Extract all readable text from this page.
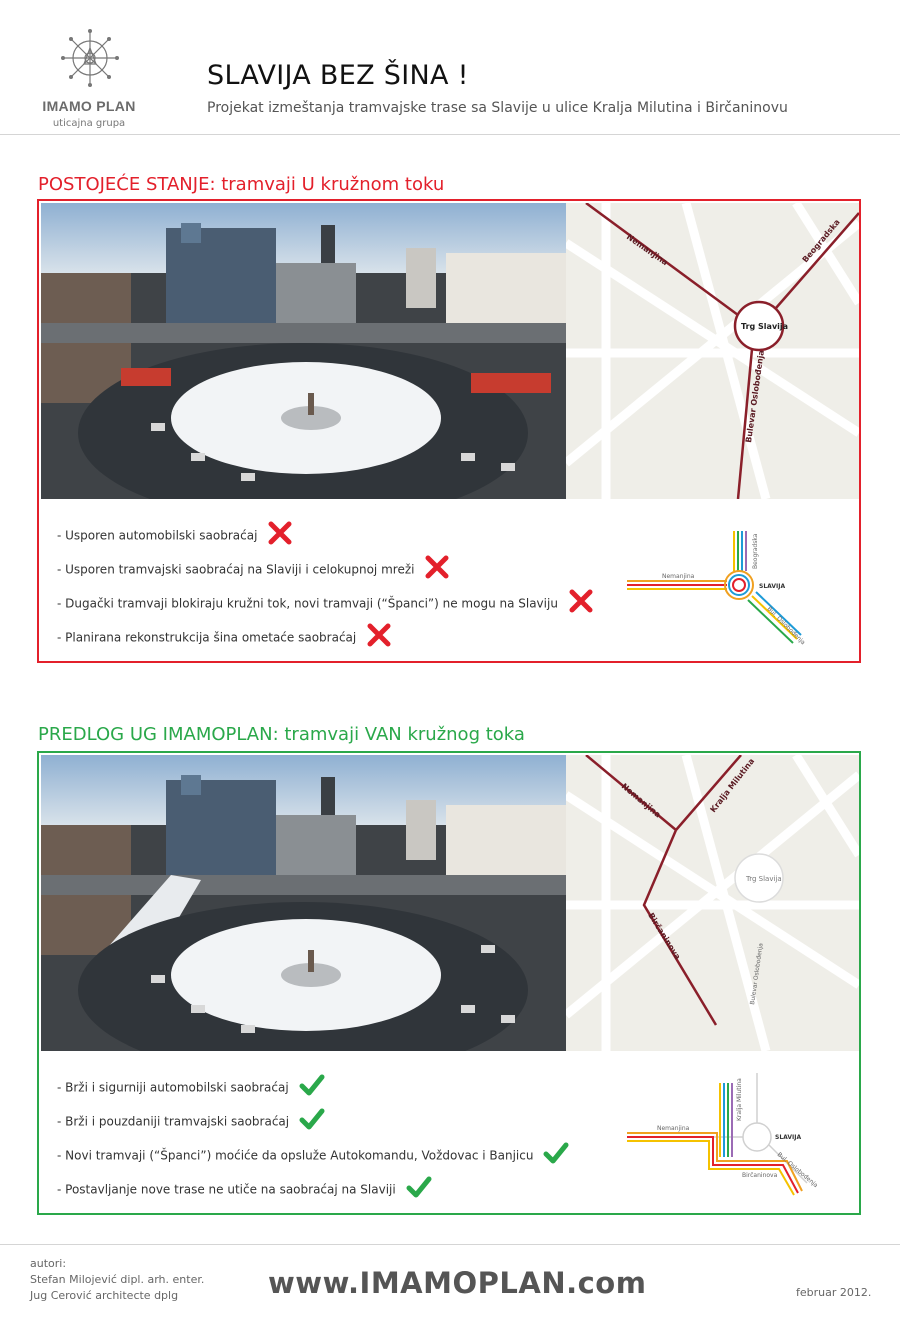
IMAMO PLAN
uticajna grupa
SLAVIJA BEZ ŠINA !
Projekat izmeštanja tramvajske trase sa Slavije u ulice Kralja Milutina i Birčaninovu
POSTOJEĆE STANJE: tramvaji U kružnom toku
Nemanjina	Beogradska
Trg Slavija
Bulevar Oslobođenja
- Usporen automobilski saobraćaj
- Usporen tramvajski saobraćaj na Slaviji i celokupnoj mreži
- Dugački tramvaji blokiraju kružni tok, novi tramvaji (“Španci”) ne mogu na Slaviju
- Planirana rekonstrukcija šina ometaće saobraćaj
Nemanjina
Beogradska
Bul. Oslobođenja
SLAVIJA
PREDLOG UG IMAMOPLAN: tramvaji VAN kružnog toka
Nemanjina	Kralja Milutina
Trg Slavija
Birčaninova
Bulevar Oslobođenja
- Brži i sigurniji automobilski saobraćaj
- Brži i pouzdaniji tramvajski saobraćaj
- Novi tramvaji (“Španci”) moćiće da opsluže Autokomandu, Voždovac i Banjicu
- Postavljanje nove trase ne utiče na saobraćaj na Slaviji
Nemanjina
Kralja Milutina
Bul. Oslobođenja
Birčaninova
SLAVIJA
autori:
Stefan Milojević dipl. arh. enter.
Jug Cerović architecte dplg	www.IMAMOPLAN.com	februar 2012.
